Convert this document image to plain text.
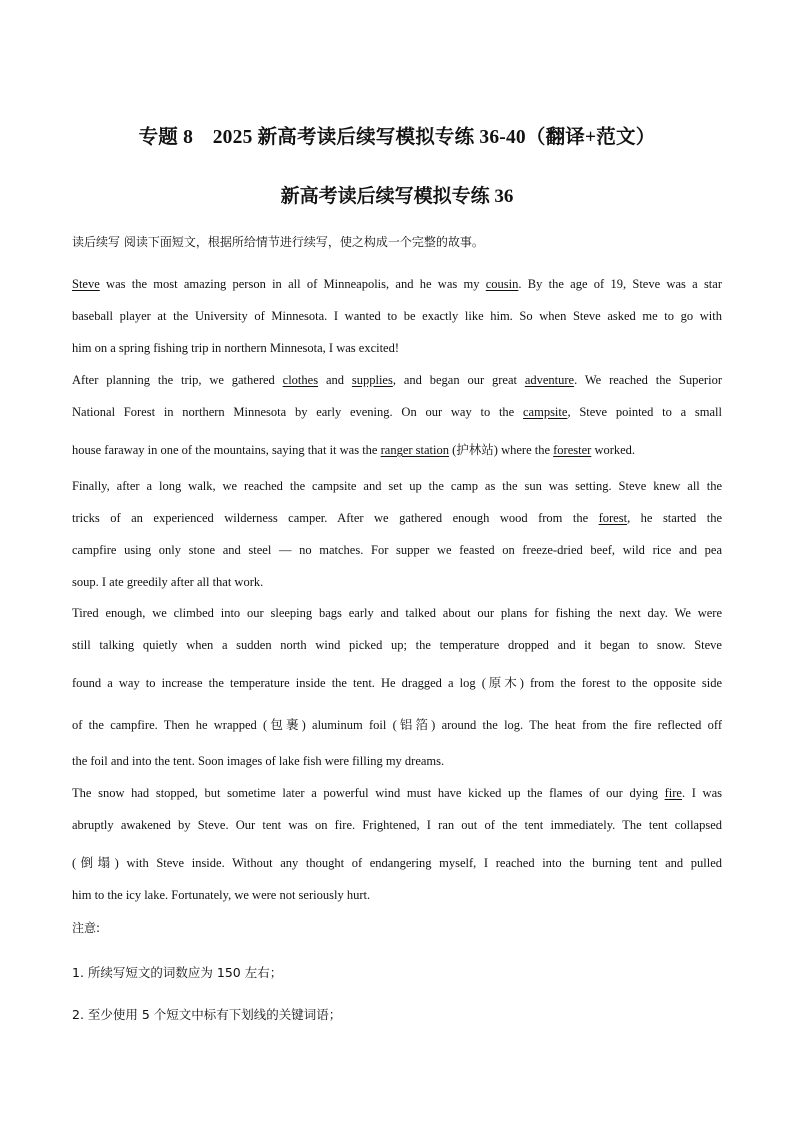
专题 8　2025 新高考读后续写模拟专练 36-40（翻译+范文）
新高考读后续写模拟专练 36
读后续写 阅读下面短文，根据所给情节进行续写，使之构成一个完整的故事。
Steve was the most amazing person in all of Minneapolis, and he was my cousin. By the age of 19, Steve was a star
baseball player at the University of Minnesota. I wanted to be exactly like him. So when Steve asked me to go with
him on a spring fishing trip in northern Minnesota, I was excited!
After planning the trip, we gathered clothes and supplies, and began our great adventure. We reached the Superior
National Forest in northern Minnesota by early evening. On our way to the campsite, Steve pointed to a small
house faraway in one of the mountains, saying that it was the ranger station (护林站) where the forester worked.
Finally, after a long walk, we reached the campsite and set up the camp as the sun was setting. Steve knew all the
tricks of an experienced wilderness camper. After we gathered enough wood from the forest, he started the
campfire using only stone and steel — no matches. For supper we feasted on freeze-dried beef, wild rice and pea
soup. I ate greedily after all that work.
Tired enough, we climbed into our sleeping bags early and talked about our plans for fishing the next day. We were
still talking quietly when a sudden north wind picked up; the temperature dropped and it began to snow. Steve
found a way to increase the temperature inside the tent. He dragged a log (原木) from the forest to the opposite side
of the campfire. Then he wrapped (包裹) aluminum foil (铝箔) around the log. The heat from the fire reflected off
the foil and into the tent. Soon images of lake fish were filling my dreams.
The snow had stopped, but sometime later a powerful wind must have kicked up the flames of our dying fire. I was
abruptly awakened by Steve. Our tent was on fire. Frightened, I ran out of the tent immediately. The tent collapsed
(倒塌) with Steve inside. Without any thought of endangering myself, I reached into the burning tent and pulled
him to the icy lake. Fortunately, we were not seriously hurt.
注意:
1. 所续写短文的词数应为 150 左右；
2. 至少使用 5 个短文中标有下划线的关键词语；
